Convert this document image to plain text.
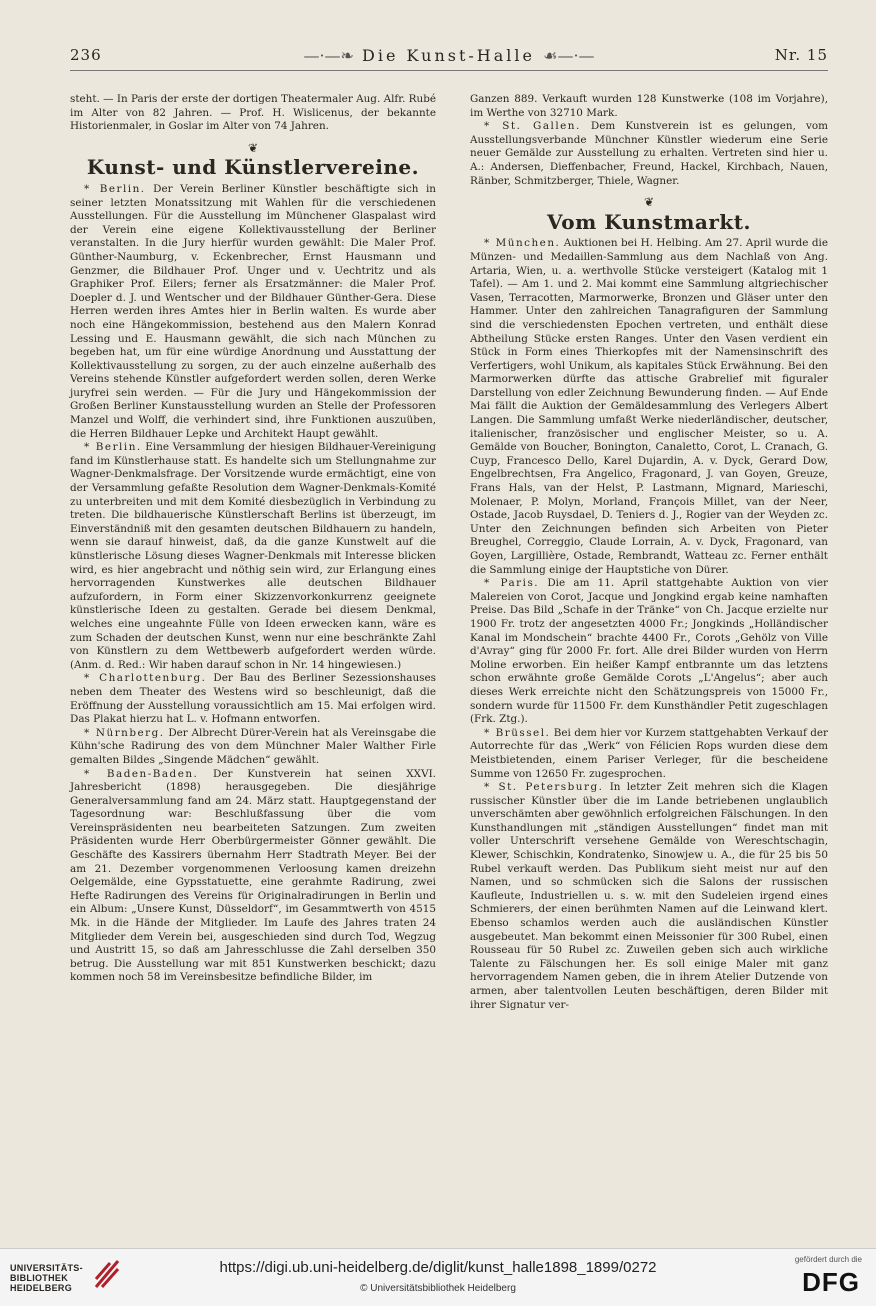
236	—·—❧ Die Kunst-Halle ☙—·—	Nr. 15

steht. — In Paris der erste der dortigen Theatermaler Aug. Alfr. Rubé im Alter von 82 Jahren. — Prof. H. Wislicenus, der bekannte Historienmaler, in Goslar im Alter von 74 Jahren.

❦
Kunst- und Künstlervereine.

* Berlin. Der Verein Berliner Künstler beschäftigte sich in seiner letzten Monatssitzung mit Wahlen für die verschiedenen Ausstellungen. Für die Ausstellung im Münchener Glaspalast wird der Verein eine eigene Kollektivausstellung der Berliner veranstalten. In die Jury hierfür wurden gewählt: Die Maler Prof. Günther-Naumburg, v. Eckenbrecher, Ernst Hausmann und Genzmer, die Bildhauer Prof. Unger und v. Uechtritz und als Graphiker Prof. Eilers; ferner als Ersatzmänner: die Maler Prof. Doepler d. J. und Wentscher und der Bildhauer Günther-Gera. Diese Herren werden ihres Amtes hier in Berlin walten. Es wurde aber noch eine Hängekommission, bestehend aus den Malern Konrad Lessing und E. Hausmann gewählt, die sich nach München zu begeben hat, um für eine würdige Anordnung und Ausstattung der Kollektivausstellung zu sorgen, zu der auch einzelne außerhalb des Vereins stehende Künstler aufgefordert werden sollen, deren Werke juryfrei sein werden. — Für die Jury und Hängekommission der Großen Berliner Kunstausstellung wurden an Stelle der Professoren Manzel und Wolff, die verhindert sind, ihre Funktionen auszuüben, die Herren Bildhauer Lepke und Architekt Haupt gewählt.

* Berlin. Eine Versammlung der hiesigen Bildhauer-Vereinigung fand im Künstlerhause statt. Es handelte sich um Stellungnahme zur Wagner-Denkmalsfrage. Der Vorsitzende wurde ermächtigt, eine von der Versammlung gefaßte Resolution dem Wagner-Denkmals-Komité zu unterbreiten und mit dem Komité diesbezüglich in Verbindung zu treten. Die bildhauerische Künstlerschaft Berlins ist überzeugt, im Einverständniß mit den gesamten deutschen Bildhauern zu handeln, wenn sie darauf hinweist, daß, da die ganze Kunstwelt auf die künstlerische Lösung dieses Wagner-Denkmals mit Interesse blicken wird, es hier angebracht und nöthig sein wird, zur Erlangung eines hervorragenden Kunstwerkes alle deutschen Bildhauer aufzufordern, in Form einer Skizzenvorkonkurrenz geeignete künstlerische Ideen zu gestalten. Gerade bei diesem Denkmal, welches eine ungeahnte Fülle von Ideen erwecken kann, wäre es zum Schaden der deutschen Kunst, wenn nur eine beschränkte Zahl von Künstlern zu dem Wettbewerb aufgefordert werden würde. (Anm. d. Red.: Wir haben darauf schon in Nr. 14 hingewiesen.)

* Charlottenburg. Der Bau des Berliner Sezessionshauses neben dem Theater des Westens wird so beschleunigt, daß die Eröffnung der Ausstellung voraussichtlich am 15. Mai erfolgen wird. Das Plakat hierzu hat L. v. Hofmann entworfen.

* Nürnberg. Der Albrecht Dürer-Verein hat als Vereinsgabe die Kühn'sche Radirung des von dem Münchner Maler Walther Firle gemalten Bildes „Singende Mädchen“ gewählt.

* Baden-Baden. Der Kunstverein hat seinen XXVI. Jahresbericht (1898) herausgegeben. Die diesjährige Generalversammlung fand am 24. März statt. Hauptgegenstand der Tagesordnung war: Beschlußfassung über die vom Vereinspräsidenten neu bearbeiteten Satzungen. Zum zweiten Präsidenten wurde Herr Oberbürgermeister Gönner gewählt. Die Geschäfte des Kassirers übernahm Herr Stadtrath Meyer. Bei der am 21. Dezember vorgenommenen Verloosung kamen dreizehn Oelgemälde, eine Gypsstatuette, eine gerahmte Radirung, zwei Hefte Radirungen des Vereins für Originalradirungen in Berlin und ein Album: „Unsere Kunst, Düsseldorf“, im Gesammtwerth von 4515 Mk. in die Hände der Mitglieder. Im Laufe des Jahres traten 24 Mitglieder dem Verein bei, ausgeschieden sind durch Tod, Wegzug und Austritt 15, so daß am Jahresschlusse die Zahl derselben 350 betrug. Die Ausstellung war mit 851 Kunstwerken beschickt; dazu kommen noch 58 im Vereinsbesitze befindliche Bilder, im

Ganzen 889. Verkauft wurden 128 Kunstwerke (108 im Vorjahre), im Werthe von 32710 Mark.

* St. Gallen. Dem Kunstverein ist es gelungen, vom Ausstellungsverbande Münchner Künstler wiederum eine Serie neuer Gemälde zur Ausstellung zu erhalten. Vertreten sind hier u. A.: Andersen, Dieffenbacher, Freund, Hackel, Kirchbach, Nauen, Ränber, Schmitzberger, Thiele, Wagner.

❦
Vom Kunstmarkt.

* München. Auktionen bei H. Helbing. Am 27. April wurde die Münzen- und Medaillen-Sammlung aus dem Nachlaß von Ang. Artaria, Wien, u. a. werthvolle Stücke versteigert (Katalog mit 1 Tafel). — Am 1. und 2. Mai kommt eine Sammlung altgriechischer Vasen, Terracotten, Marmorwerke, Bronzen und Gläser unter den Hammer. Unter den zahlreichen Tanagrafiguren der Sammlung sind die verschiedensten Epochen vertreten, und enthält diese Abtheilung Stücke ersten Ranges. Unter den Vasen verdient ein Stück in Form eines Thierkopfes mit der Namensinschrift des Verfertigers, wohl Unikum, als kapitales Stück Erwähnung. Bei den Marmorwerken dürfte das attische Grabrelief mit figuraler Darstellung von edler Zeichnung Bewunderung finden. — Auf Ende Mai fällt die Auktion der Gemäldesammlung des Verlegers Albert Langen. Die Sammlung umfaßt Werke niederländischer, deutscher, italienischer, französischer und englischer Meister, so u. A. Gemälde von Boucher, Bonington, Canaletto, Corot, L. Cranach, G. Cuyp, Francesco Dello, Karel Dujardin, A. v. Dyck, Gerard Dow, Engelbrechtsen, Fra Angelico, Fragonard, J. van Goyen, Greuze, Frans Hals, van der Helst, P. Lastmann, Mignard, Marieschi, Molenaer, P. Molyn, Morland, François Millet, van der Neer, Ostade, Jacob Ruysdael, D. Teniers d. J., Rogier van der Weyden zc. Unter den Zeichnungen befinden sich Arbeiten von Pieter Breughel, Correggio, Claude Lorrain, A. v. Dyck, Fragonard, van Goyen, Largillière, Ostade, Rembrandt, Watteau zc. Ferner enthält die Sammlung einige der Hauptstiche von Dürer.

* Paris. Die am 11. April stattgehabte Auktion von vier Malereien von Corot, Jacque und Jongkind ergab keine namhaften Preise. Das Bild „Schafe in der Tränke“ von Ch. Jacque erzielte nur 1900 Fr. trotz der angesetzten 4000 Fr.; Jongkinds „Holländischer Kanal im Mondschein“ brachte 4400 Fr., Corots „Gehölz von Ville d'Avray“ ging für 2000 Fr. fort. Alle drei Bilder wurden von Herrn Moline erworben. Ein heißer Kampf entbrannte um das letztens schon erwähnte große Gemälde Corots „L'Angelus“; aber auch dieses Werk erreichte nicht den Schätzungspreis von 15000 Fr., sondern wurde für 11500 Fr. dem Kunsthändler Petit zugeschlagen (Frk. Ztg.).

* Brüssel. Bei dem hier vor Kurzem stattgehabten Verkauf der Autorrechte für das „Werk“ von Félicien Rops wurden diese dem Meistbietenden, einem Pariser Verleger, für die bescheidene Summe von 12650 Fr. zugesprochen.

* St. Petersburg. In letzter Zeit mehren sich die Klagen russischer Künstler über die im Lande betriebenen unglaublich unverschämten aber gewöhnlich erfolgreichen Fälschungen. In den Kunsthandlungen mit „ständigen Ausstellungen“ findet man mit voller Unterschrift versehene Gemälde von Wereschtschagin, Klewer, Schischkin, Kondratenko, Sinowjew u. A., die für 25 bis 50 Rubel verkauft werden. Das Publikum sieht meist nur auf den Namen, und so schmücken sich die Salons der russischen Kaufleute, Industriellen u. s. w. mit den Sudeleien irgend eines Schmierers, der einen berühmten Namen auf die Leinwand klert. Ebenso schamlos werden auch die ausländischen Künstler ausgebeutet. Man bekommt einen Meissonier für 300 Rubel, einen Rousseau für 50 Rubel zc. Zuweilen geben sich auch wirkliche Talente zu Fälschungen her. Es soll einige Maler mit ganz hervorragendem Namen geben, die in ihrem Atelier Dutzende von armen, aber talentvollen Leuten beschäftigen, deren Bilder mit ihrer Signatur ver-

UNIVERSITÄTS-
BIBLIOTHEK
HEIDELBERG
https://digi.ub.uni-heidelberg.de/diglit/kunst_halle1898_1899/0272
© Universitätsbibliothek Heidelberg
gefördert durch die
DFG
